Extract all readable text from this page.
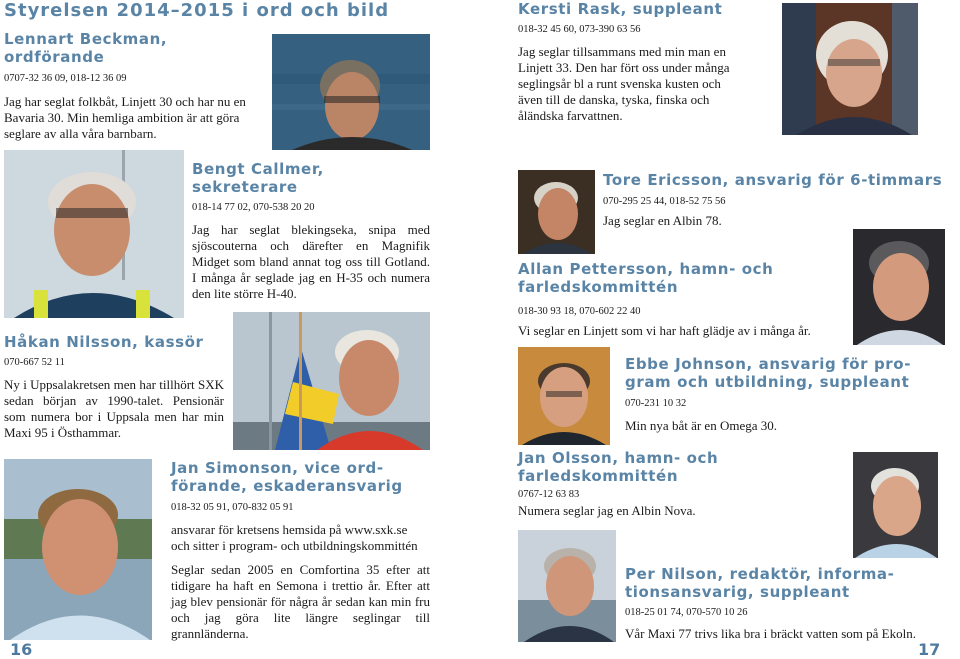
Styrelsen 2014–2015 i ord och bild
Lennart Beckman,
ordförande
0707-32 36 09, 018-12 36 09
Jag har seglat folkbåt, Linjett 30 och har nu en Bavaria 30. Min hemliga ambition är att göra seglare av alla våra barnbarn.
Kersti Rask, suppleant
018-32 45 60, 073-390 63 56
Jag seglar tillsammans med min man en
Linjett 33. Den har fört oss under många
seglingsår bl a runt svenska kusten och
även till de danska, tyska, finska och
åländska farvattnen.
Bengt Callmer,
sekreterare
018-14 77 02, 070-538 20 20
Jag har seglat blekingseka, snipa med sjöscouterna och därefter en Magnifik Midget som bland annat tog oss till Gotland. I många år seglade jag en H-35 och numera den lite större H-40.
Håkan Nilsson, kassör
070-667 52 11
Ny i Uppsalakretsen men har tillhört SXK sedan början av 1990-talet. Pensionär som numera bor i Uppsala men har min Maxi 95 i Östhammar.
Jan Simonson, vice ord-
förande, eskaderansvarig
018-32 05 91, 070-832 05 91
ansvarar för kretsens hemsida på www.sxk.se
och sitter i program- och utbildningskommittén
Seglar sedan 2005 en Comfortina 35 efter att tidigare ha haft en Semona i trettio år. Efter att jag blev pensionär för några år sedan kan min fru och jag göra lite längre seglingar till grannländerna.
16
Tore Ericsson, ansvarig för 6-timmars
070-295 25 44, 018-52 75 56
Jag seglar en Albin 78.
Allan Pettersson, hamn- och
farledskommittén
018-30 93 18, 070-602 22 40
Vi seglar en Linjett som vi har haft glädje av i många år.
Ebbe Johnson, ansvarig för pro-
gram och utbildning, suppleant
070-231 10 32
Min nya båt är en Omega 30.
Jan Olsson, hamn- och
farledskommittén
0767-12 63 83
Numera seglar jag en Albin Nova.
Per Nilson, redaktör, informa-
tionsansvarig, suppleant
018-25 01 74, 070-570 10 26
Vår Maxi 77 trivs lika bra i bräckt vatten som på Ekoln.
17
